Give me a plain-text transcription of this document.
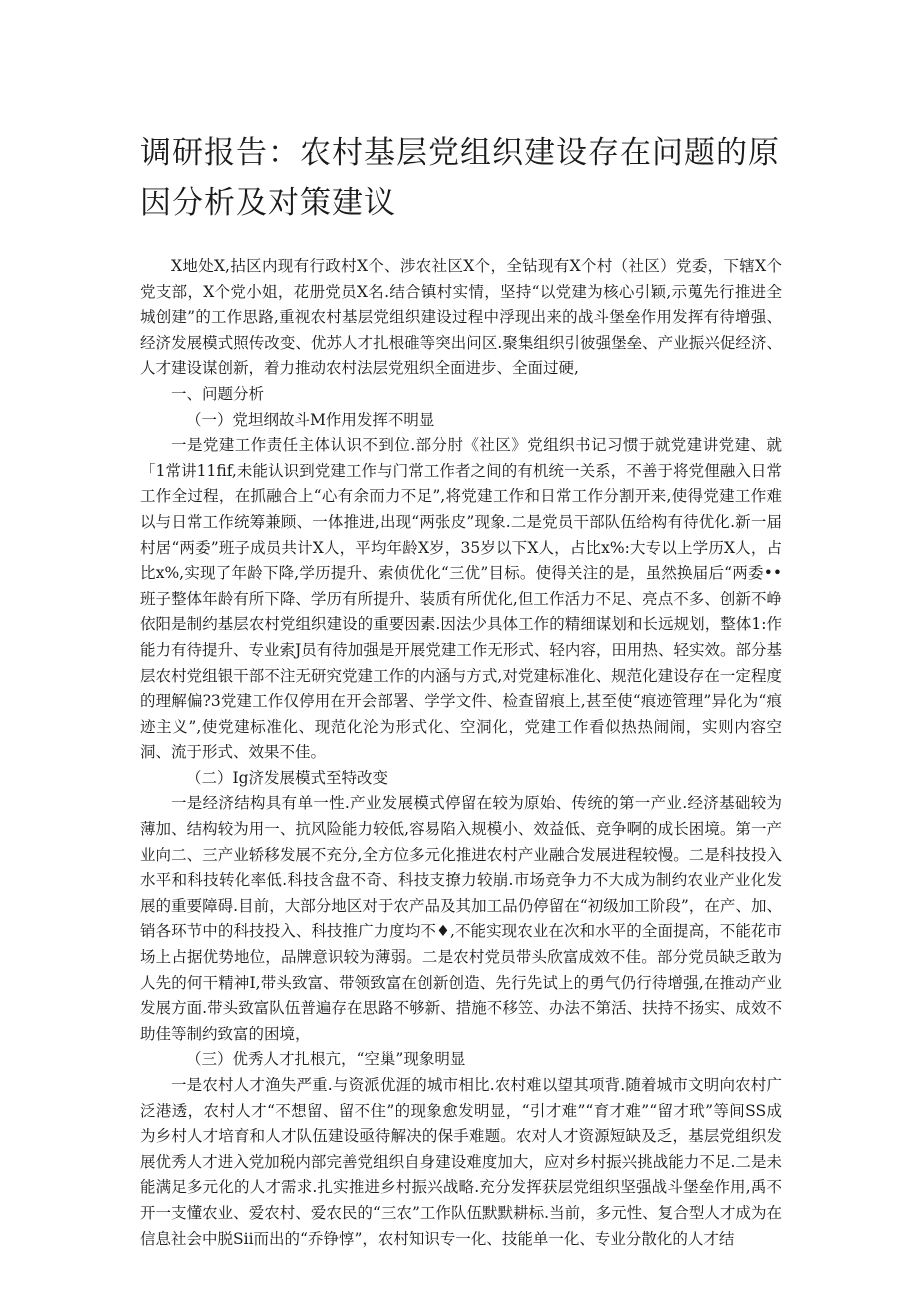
调研报告：农村基层党组织建设存在问题的原因分析及对策建议

X地处X,拈区内现有行政村X个、涉农社区X个，全钻现有X个村（社区）党委，下辖X个党支部，X个党小姐，花册党员X名.结合镇村实情，坚持“以党建为核心引颖,示蒐先行推进全城创建”的工作思路,重视农村基层党组织建设过程中浮现出来的战斗堡垒作用发挥有待增强、经济发展模式照传改变、优苏人才扎根碓等突出问区.聚集组织引彼强堡垒、产业振兴促经济、人才建设谋创新，着力推动农村法层党殂织全面进步、全面过硬,

一、问题分析

（一）党坦纲故斗M作用发挥不明显

一是党建工作责任主体认识不到位.部分肘《社区》党组织书记习惯于就党建讲党建、就「1常讲11fif,未能认识到党建工作与门常工作者之间的有机统一关系，不善于将党俚融入日常工作全过程，在抓融合上“心有余而力不足”,将党建工作和日常工作分割开来,使得党建工作难以与日常工作统筹兼顾、一体推进,出现“两张皮”现象.二是党员干部队伍给构有待优化.新一届村居“两委”班子成员共计X人，平均年龄X岁，35岁以下X人，占比x%:大专以上学历X人，占比x%,实现了年龄下降,学历提升、索侦优化“三优”目标。使得关注的是，虽然换届后“两委••班子整体年龄有所下降、学历有所提升、装质有所优化,但工作活力不足、亮点不多、创新不峥依阳是制约基层农村党组织建设的重要因素.因法少具体工作的精细谋划和长远规划，整体1:作能力有待提升、专业索J员有待加强是开展党建工作无形式、轻内容，田用热、轻实效。部分基层农村党组银干部不注无研究党建工作的内涵与方式,对党建标准化、规范化建设存在一定程度的理解偏?3党建工作仅停用在开会部署、学学文件、检查留痕上,甚至使“痕迹管理”异化为“痕迹主义”,使党建标准化、现范化沦为形式化、空洞化，党建工作看似热热闹闹，实则内容空洞、流于形式、效果不佳。

（二）Ig济发展模式至特改变

一是经济结构具有单一性.产业发展模式停留在较为原始、传统的第一产业.经济基础较为薄加、结构较为用一、抗风险能力较低,容易陷入规模小、效益低、竞争啊的成长困境。第一产业向二、三产业轿移发展不充分,全方位多元化推进农村产业融合发展进程较慢。二是科技投入水平和科技转化率低.科技含盘不奇、科技支撩力较崩.市场竞争力不大成为制约农业产业化发展的重要障碍.目前，大部分地区对于农产品及其加工品仍停留在“初级加工阶段”，在产、加、销各环节中的科技投入、科技推广力度均不♦,不能实现农业在次和水平的全面提高，不能花市场上占据优势地位，品牌意识较为薄弱。二是农村党员带头欣富成效不佳。部分党员缺乏敢为人先的何干精神I,带头致富、带领致富在创新创造、先行先试上的勇气仍行待增强,在推动产业发展方面.带头致富队伍普遍存在思路不够新、措施不移笠、办法不第活、扶持不扬实、成效不助佳等制约致富的困境，

（三）优秀人才扎根亢，“空巢”现象明显

一是农村人才渔失严重.与资派优涯的城市相比.农村难以望其项背.随着城市文明向农村广泛港透，农村人才“不想留、留不住”的现象愈发明显，“引才难”“育才难”“留才玳”等间SS成为乡村人才培育和人才队伍建设亟待解决的保手难题。农对人才资源短缺及乏，基层党组织发展优秀人才进入党加税内部完善党组织自身建设难度加大，应对乡村振兴挑战能力不足.二是未能满足多元化的人才需求.扎实推进乡村振兴战略.充分发挥获层党组织坚强战斗堡垒作用,禹不开一支懂农业、爱农村、爱农民的“三农”工作队伍默默耕标.当前，多元性、复合型人才成为在信息社会中脱Sii而出的“乔铮惇”，农村知识专一化、技能单一化、专业分散化的人才结
